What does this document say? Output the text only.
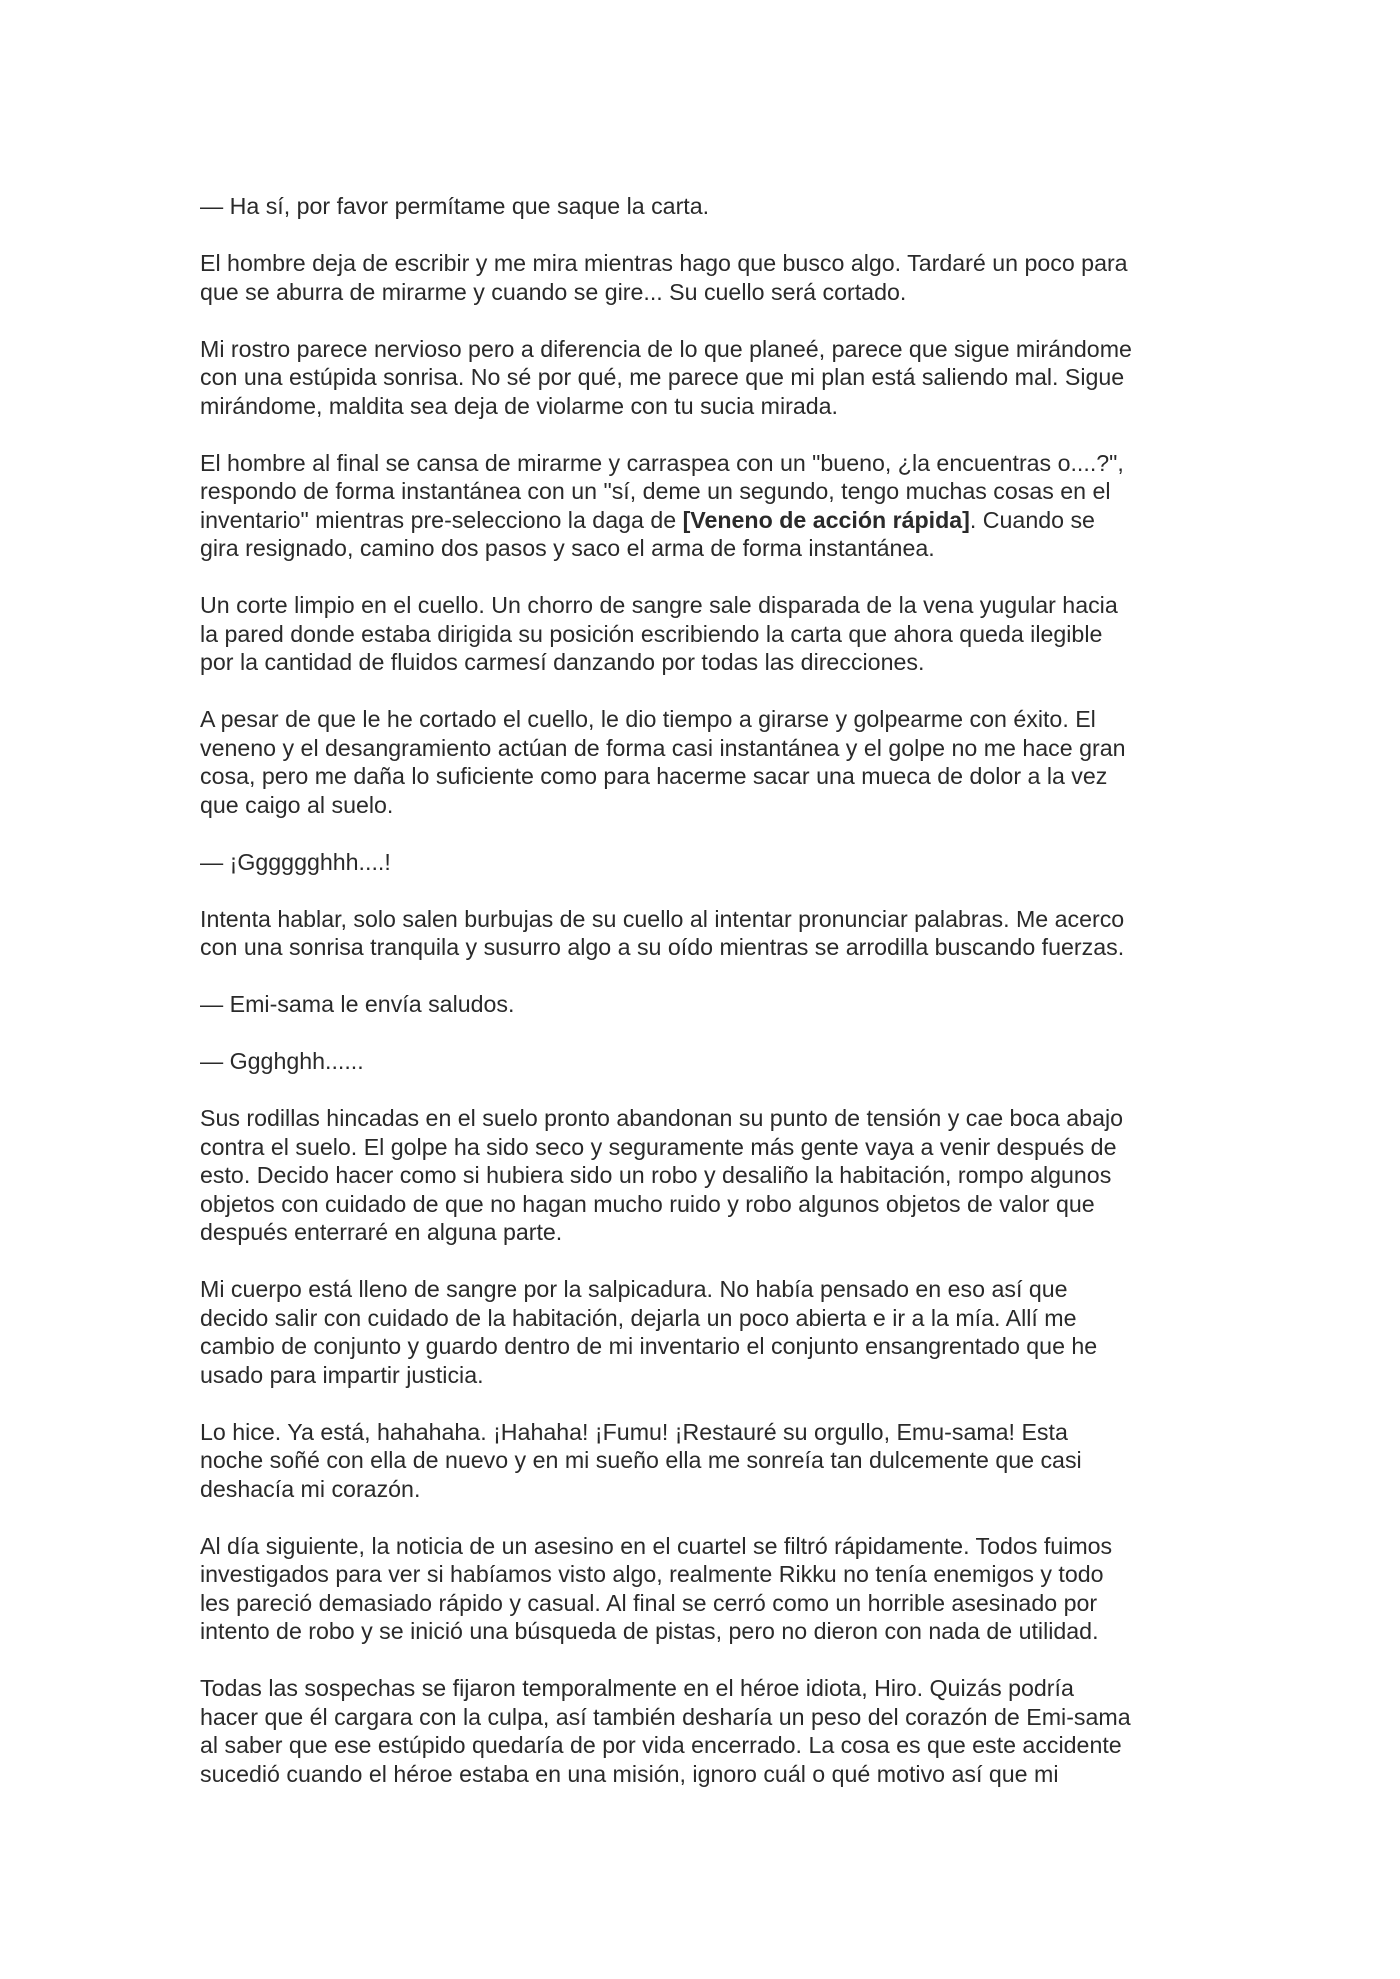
— Ha sí, por favor permítame que saque la carta.

El hombre deja de escribir y me mira mientras hago que busco algo. Tardaré un poco para
que se aburra de mirarme y cuando se gire... Su cuello será cortado.

Mi rostro parece nervioso pero a diferencia de lo que planeé, parece que sigue mirándome
con una estúpida sonrisa. No sé por qué, me parece que mi plan está saliendo mal. Sigue
mirándome, maldita sea deja de violarme con tu sucia mirada.

El hombre al final se cansa de mirarme y carraspea con un "bueno, ¿la encuentras o....?",
respondo de forma instantánea con un "sí, deme un segundo, tengo muchas cosas en el
inventario" mientras pre-selecciono la daga de [Veneno de acción rápida]. Cuando se
gira resignado, camino dos pasos y saco el arma de forma instantánea.

Un corte limpio en el cuello. Un chorro de sangre sale disparada de la vena yugular hacia
la pared donde estaba dirigida su posición escribiendo la carta que ahora queda ilegible
por la cantidad de fluidos carmesí danzando por todas las direcciones.

A pesar de que le he cortado el cuello, le dio tiempo a girarse y golpearme con éxito. El
veneno y el desangramiento actúan de forma casi instantánea y el golpe no me hace gran
cosa, pero me daña lo suficiente como para hacerme sacar una mueca de dolor a la vez
que caigo al suelo.

— ¡Gggggghhh....!

Intenta hablar, solo salen burbujas de su cuello al intentar pronunciar palabras. Me acerco
con una sonrisa tranquila y susurro algo a su oído mientras se arrodilla buscando fuerzas.

— Emi-sama le envía saludos.

— Ggghghh......

Sus rodillas hincadas en el suelo pronto abandonan su punto de tensión y cae boca abajo
contra el suelo. El golpe ha sido seco y seguramente más gente vaya a venir después de
esto. Decido hacer como si hubiera sido un robo y desaliño la habitación, rompo algunos
objetos con cuidado de que no hagan mucho ruido y robo algunos objetos de valor que
después enterraré en alguna parte.

Mi cuerpo está lleno de sangre por la salpicadura. No había pensado en eso así que
decido salir con cuidado de la habitación, dejarla un poco abierta e ir a la mía. Allí me
cambio de conjunto y guardo dentro de mi inventario el conjunto ensangrentado que he
usado para impartir justicia.

Lo hice. Ya está, hahahaha. ¡Hahaha! ¡Fumu! ¡Restauré su orgullo, Emu-sama! Esta
noche soñé con ella de nuevo y en mi sueño ella me sonreía tan dulcemente que casi
deshacía mi corazón.

Al día siguiente, la noticia de un asesino en el cuartel se filtró rápidamente. Todos fuimos
investigados para ver si habíamos visto algo, realmente Rikku no tenía enemigos y todo
les pareció demasiado rápido y casual. Al final se cerró como un horrible asesinado por
intento de robo y se inició una búsqueda de pistas, pero no dieron con nada de utilidad.

Todas las sospechas se fijaron temporalmente en el héroe idiota, Hiro. Quizás podría
hacer que él cargara con la culpa, así también desharía un peso del corazón de Emi-sama
al saber que ese estúpido quedaría de por vida encerrado. La cosa es que este accidente
sucedió cuando el héroe estaba en una misión, ignoro cuál o qué motivo así que mi
